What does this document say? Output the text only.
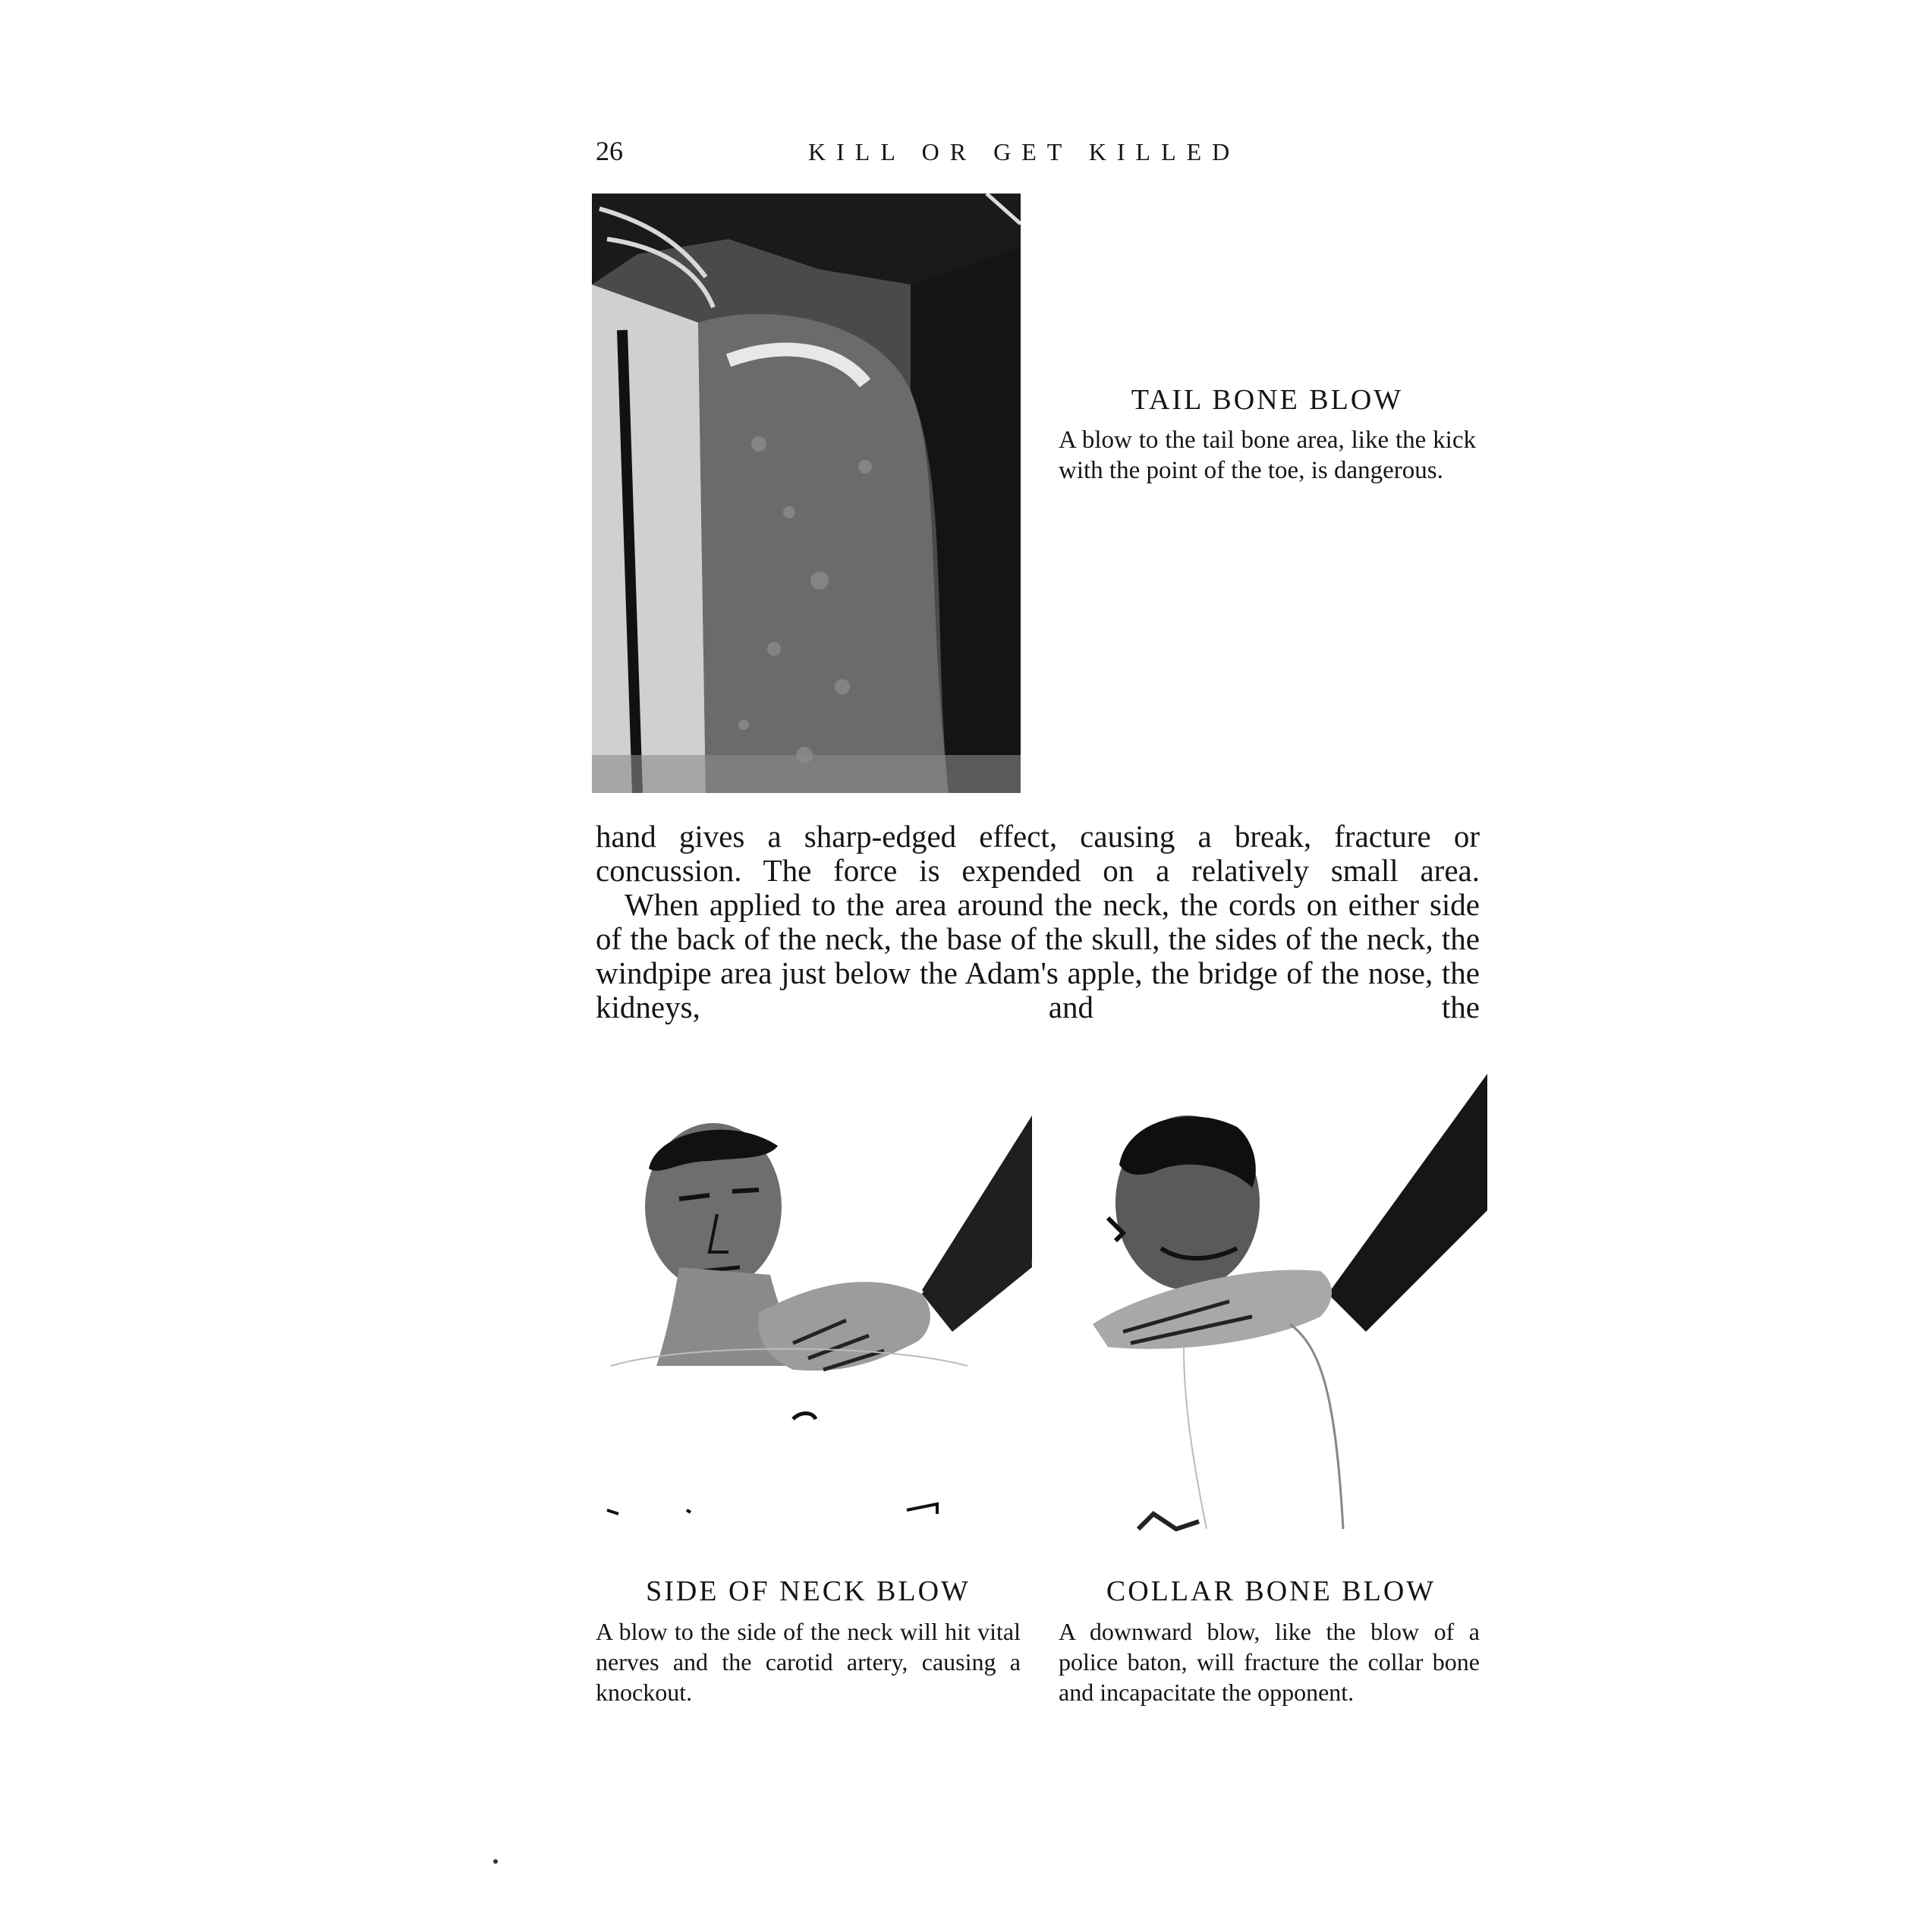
26	KILL OR GET KILLED
TAIL BONE BLOW
A blow to the tail bone area, like the kick with the point of the toe, is dangerous.

hand gives a sharp-edged effect, causing a break, fracture or

concussion. The force is expended on a relatively small area.

When applied to the area around the neck, the cords on either side of the back of the neck, the base of the skull, the sides of the neck, the windpipe area just below the Adam's apple, the bridge of the nose, the kidneys, and the

SIDE OF NECK BLOW
A blow to the side of the neck will hit vital nerves and the carotid artery, causing a knockout.
COLLAR BONE BLOW
A downward blow, like the blow of a police baton, will fracture the collar bone and incapacitate the opponent.
